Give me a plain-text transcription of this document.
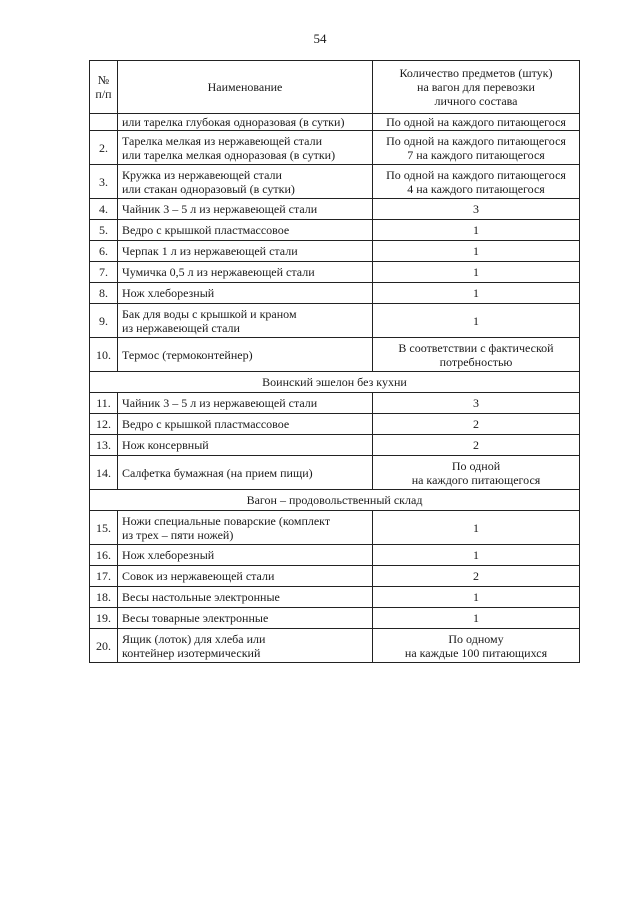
54
№
п/п	Наименование	Количество предметов (штук)
на вагон для перевозки
личного состава
	или тарелка глубокая одноразовая (в сутки)	По одной на каждого питающегося
2.	Тарелка мелкая из нержавеющей стали
или тарелка мелкая одноразовая (в сутки)	По одной на каждого питающегося
7 на каждого питающегося
3.	Кружка из нержавеющей стали
или стакан одноразовый (в сутки)	По одной на каждого питающегося
4 на каждого питающегося
4.	Чайник 3 – 5 л из нержавеющей стали	3
5.	Ведро с крышкой пластмассовое	1
6.	Черпак 1 л из нержавеющей стали	1
7.	Чумичка 0,5 л из нержавеющей стали	1
8.	Нож хлеборезный	1
9.	Бак для воды с крышкой и краном
из нержавеющей стали	1
10.	Термос (термоконтейнер)	В соответствии с фактической
потребностью
Воинский эшелон без кухни		
11.	Чайник 3 – 5 л из нержавеющей стали	3
12.	Ведро с крышкой пластмассовое	2
13.	Нож консервный	2
14.	Салфетка бумажная (на прием пищи)	По одной
на каждого питающегося
Вагон – продовольственный склад		
15.	Ножи специальные поварские (комплект
из трех – пяти ножей)	1
16.	Нож хлеборезный	1
17.	Совок из нержавеющей стали	2
18.	Весы настольные электронные	1
19.	Весы товарные электронные	1
20.	Ящик (лоток) для хлеба или
контейнер изотермический	По одному
на каждые 100 питающихся
